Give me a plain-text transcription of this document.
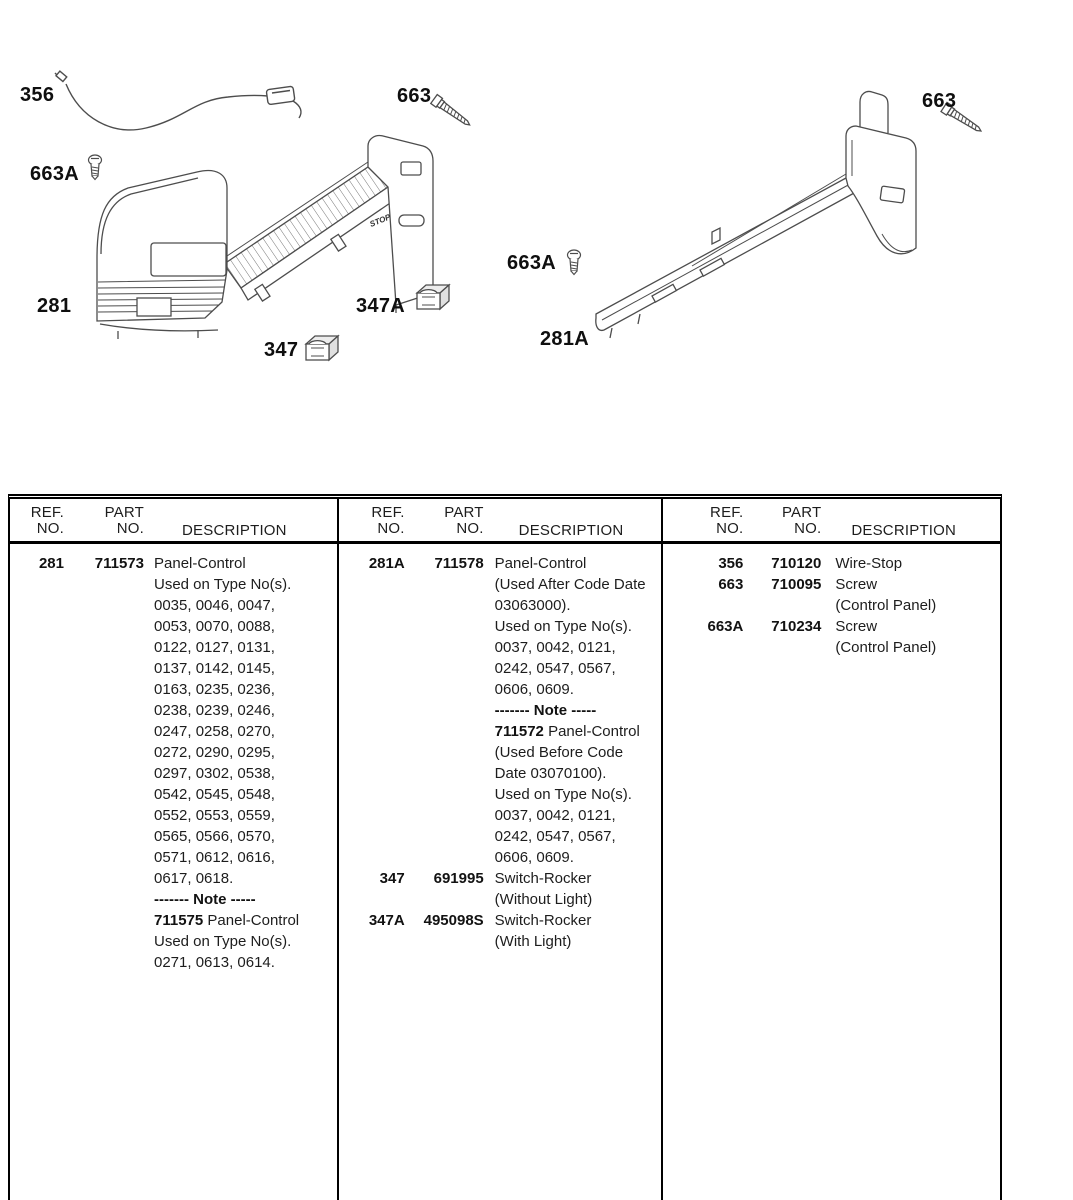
STOP
356	663	663
663A
281	347A
347
663A
281A
REF.
NO.
PART
NO.	DESCRIPTION
281	711573 Panel-Control
Used on Type No(s).
0035, 0046, 0047,
0053, 0070, 0088,
0122, 0127, 0131,
0137, 0142, 0145,
0163, 0235, 0236,
0238, 0239, 0246,
0247, 0258, 0270,
0272, 0290, 0295,
0297, 0302, 0538,
0542, 0545, 0548,
0552, 0553, 0559,
0565, 0566, 0570,
0571, 0612, 0616,
0617, 0618.
------- Note -----
711575 Panel-Control
Used on Type No(s).
0271, 0613, 0614.
REF.
NO.
PART
NO. DESCRIPTION
281A	711578 Panel-Control
(Used After Code Date
03063000).
Used on Type No(s).
0037, 0042, 0121,
0242, 0547, 0567,
0606, 0609.
------- Note -----
711572 Panel-Control
(Used Before Code
Date 03070100).
Used on Type No(s).
0037, 0042, 0121,
0242, 0547, 0567,
0606, 0609.
347	691995 Switch-Rocker
(Without Light)
347A	495098S Switch-Rocker
(With Light)
REF.
NO.
PART
NO. DESCRIPTION
356	710120 Wire-Stop
663	710095 Screw
(Control Panel)
663A	710234 Screw
(Control Panel)
